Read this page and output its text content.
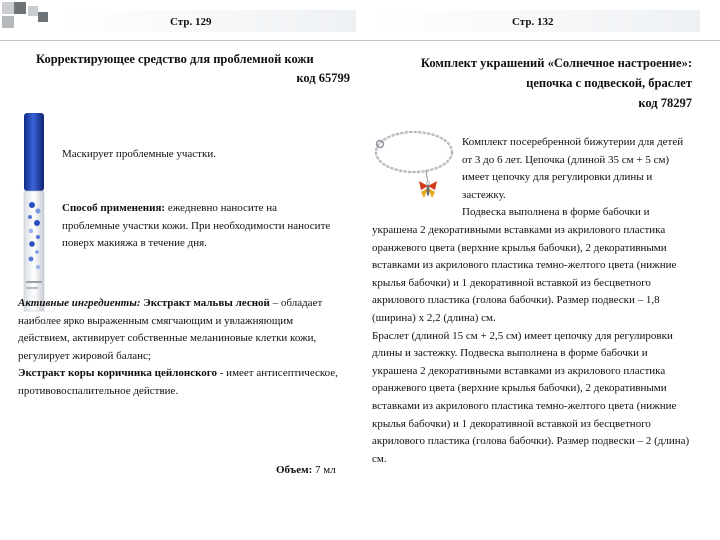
Стр. 129	Стр. 132
Корректирующее средство для проблемной кожи
код 65799
Маскирует проблемные участки.
Способ применения: ежедневно наносите на проблемные участки кожи. При необходимости наносите поверх макияжа в течение дня.
Активные ингредиенты: Экстракт мальвы лесной – обладает наиболее ярко выраженным смягчающим и увлажняющим действием, активирует собственные меланиновые клетки кожи, регулирует жировой баланс;
Экстракт коры коричника цейлонского - имеет антисептическое, противовоспалительное действие.
Объем: 7 мл
Комплект украшений «Солнечное настроение»:
цепочка с подвеской, браслет
код 78297
Комплект посеребренной бижутерии для детей от 3 до 6 лет. Цепочка (длиной 35 см + 5 см) имеет цепочку для регулировки длины и застежку.
Подвеска выполнена в форме бабочки и
украшена 2 декоративными вставками из акрилового пластика оранжевого цвета (верхние крылья бабочки), 2 декоративными вставками из акрилового пластика темно-желтого цвета (нижние крылья бабочки) и 1 декоративной вставкой из бесцветного акрилового пластика (голова бабочки). Размер подвески – 1,8 (ширина) x 2,2 (длина) см.
Браслет (длиной 15 см + 2,5 см) имеет цепочку для регулировки длины и застежку. Подвеска выполнена в форме бабочки и украшена 2 декоративными вставками из акрилового пластика оранжевого цвета (верхние крылья бабочки), 2 декоративными вставками из акрилового пластика темно-желтого цвета (нижние крылья бабочки) и 1 декоративной вставкой из бесцветного акрилового пластика (голова бабочки). Размер подвески – 2 (длина) см.
